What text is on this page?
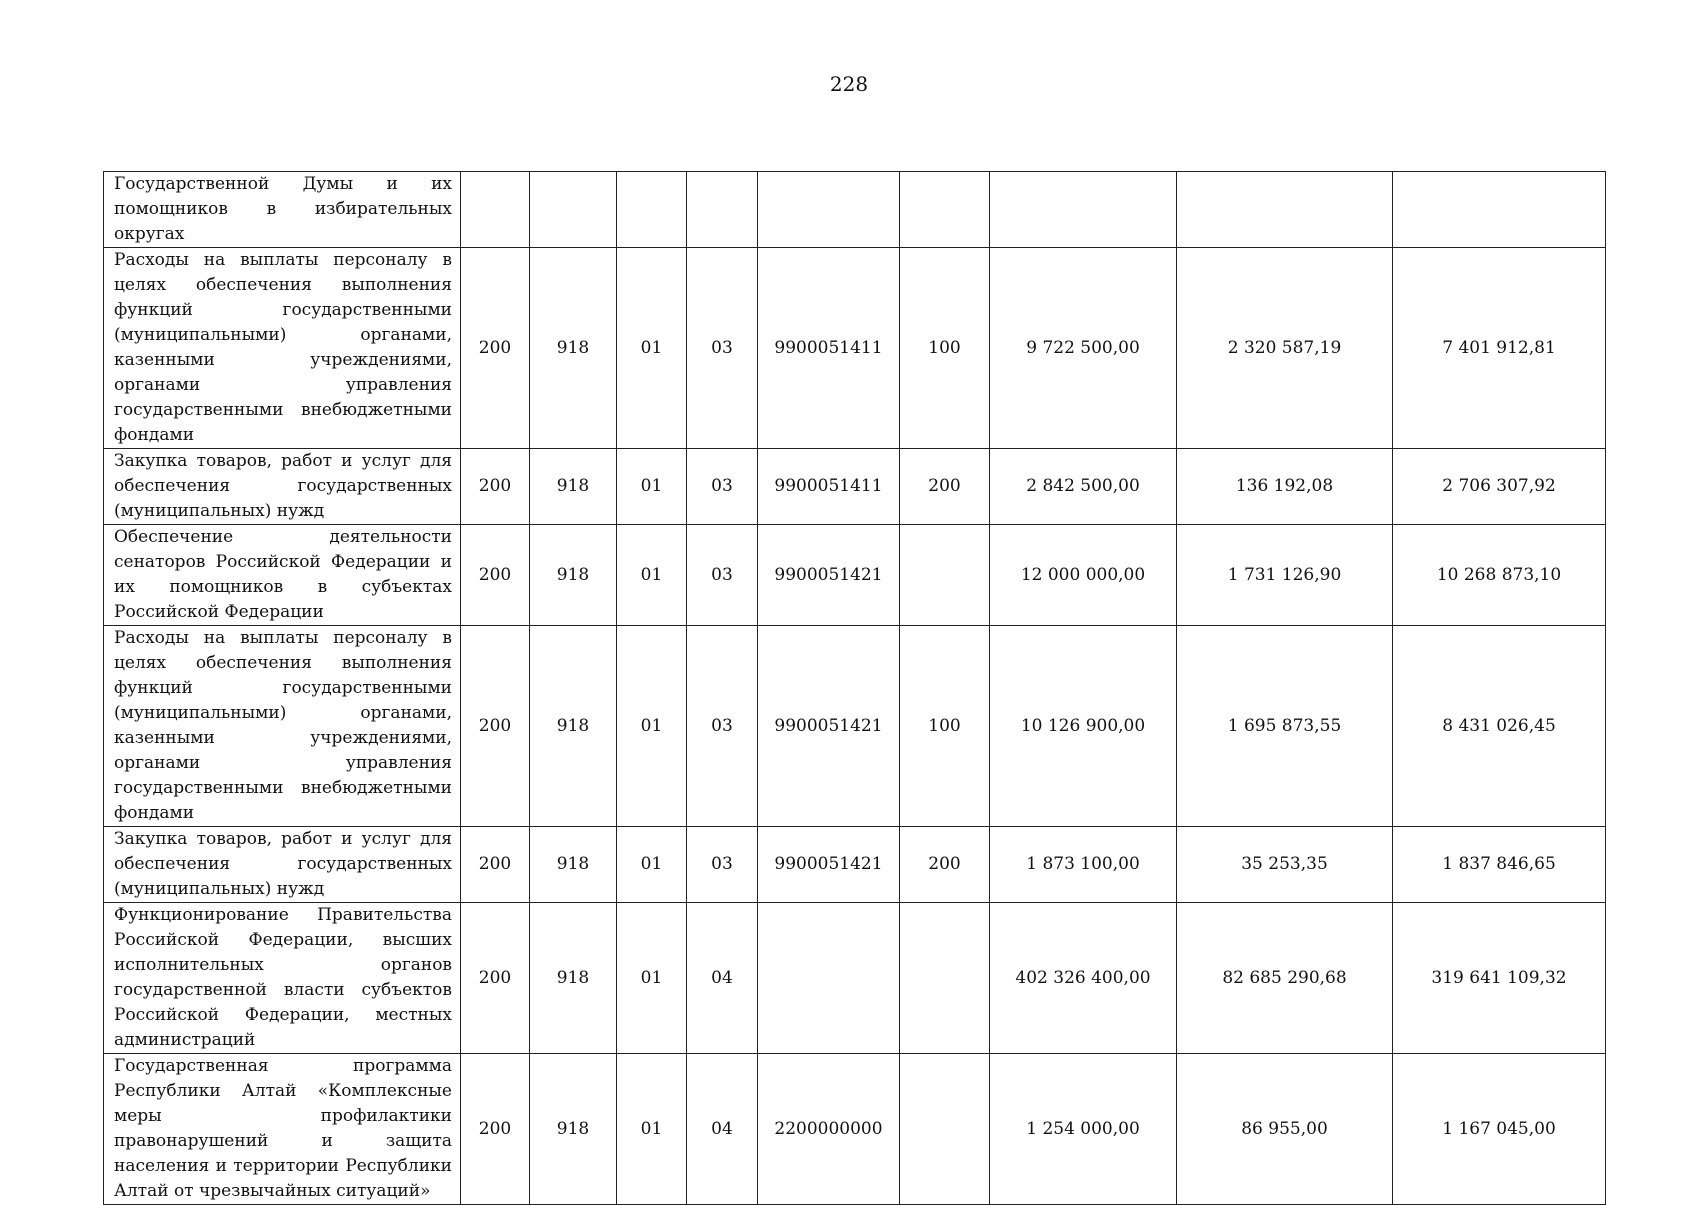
228
Государственной Думы и их помощников в избирательных округах									

Расходы на выплаты персоналу в целях обеспечения выполнения функций государственными (муниципальными) органами, казенными учреждениями, органами управления государственными внебюджетными фондами	200	918	01	03	9900051411	100	9 722 500,00	2 320 587,19	7 401 912,81

Закупка товаров, работ и услуг для обеспечения государственных (муниципальных) нужд	200	918	01	03	9900051411	200	2 842 500,00	136 192,08	2 706 307,92

Обеспечение деятельности сенаторов Российской Федерации и их помощников в субъектах Российской Федерации	200	918	01	03	9900051421		12 000 000,00	1 731 126,90	10 268 873,10

Расходы на выплаты персоналу в целях обеспечения выполнения функций государственными (муниципальными) органами, казенными учреждениями, органами управления государственными внебюджетными фондами	200	918	01	03	9900051421	100	10 126 900,00	1 695 873,55	8 431 026,45

Закупка товаров, работ и услуг для обеспечения государственных (муниципальных) нужд	200	918	01	03	9900051421	200	1 873 100,00	35 253,35	1 837 846,65

Функционирование Правительства Российской Федерации, высших исполнительных органов государственной власти субъектов Российской Федерации, местных администраций	200	918	01	04			402 326 400,00	82 685 290,68	319 641 109,32

Государственная программа Республики Алтай «Комплексные меры профилактики правонарушений и защита населения и территории Республики Алтай от чрезвычайных ситуаций»	200	918	01	04	2200000000		1 254 000,00	86 955,00	1 167 045,00
